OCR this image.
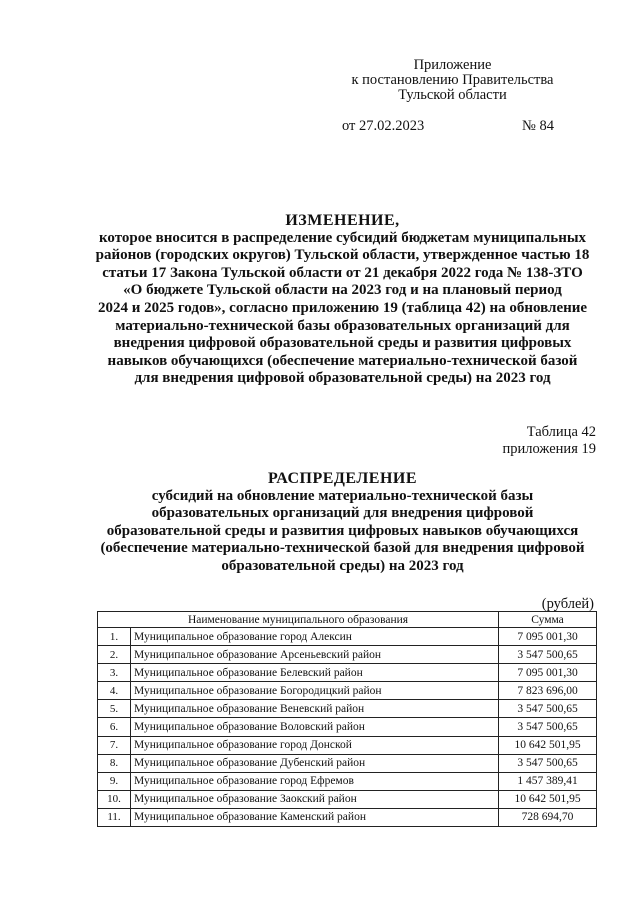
Приложение
к постановлению Правительства
Тульской области
от 27.02.2023	№ 84
ИЗМЕНЕНИЕ,
которое вносится в распределение субсидий бюджетам муниципальных
районов (городских округов) Тульской области, утвержденное частью 18
статьи 17 Закона Тульской области от 21 декабря 2022 года № 138-ЗТО
«О бюджете Тульской области на 2023 год и на плановый период
2024 и 2025 годов», согласно приложению 19 (таблица 42) на обновление
материально-технической базы образовательных организаций для
внедрения цифровой образовательной среды и развития цифровых
навыков обучающихся (обеспечение материально-технической базой
для внедрения цифровой образовательной среды) на 2023 год
Таблица 42
приложения 19
РАСПРЕДЕЛЕНИЕ
субсидий на обновление материально-технической базы
образовательных организаций для внедрения цифровой
образовательной среды и развития цифровых навыков обучающихся
(обеспечение материально-технической базой для внедрения цифровой
образовательной среды) на 2023 год
(рублей)
Наименование муниципального образования		Сумма
1.	Муниципальное образование город Алексин	7 095 001,30
2.	Муниципальное образование Арсеньевский район	3 547 500,65
3.	Муниципальное образование Белевский район	7 095 001,30
4.	Муниципальное образование Богородицкий район	7 823 696,00
5.	Муниципальное образование Веневский район	3 547 500,65
6.	Муниципальное образование Воловский район	3 547 500,65
7.	Муниципальное образование город Донской	10 642 501,95
8.	Муниципальное образование Дубенский район	3 547 500,65
9.	Муниципальное образование город Ефремов	1 457 389,41
10.	Муниципальное образование Заокский район	10 642 501,95
11.	Муниципальное образование Каменский район	728 694,70
